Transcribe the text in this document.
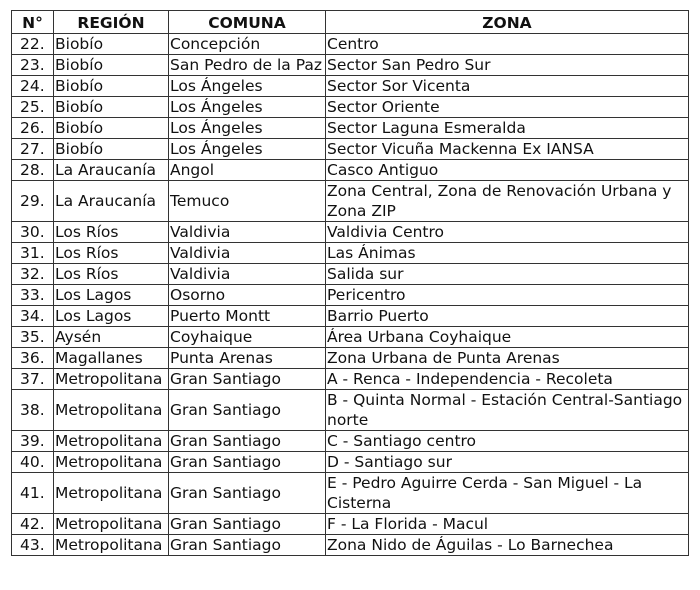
N°	REGIÓN	COMUNA	ZONA
22.	Biobío	Concepción	Centro
23.	Biobío	San Pedro de la Paz	Sector San Pedro Sur
24.	Biobío	Los Ángeles	Sector Sor Vicenta
25.	Biobío	Los Ángeles	Sector Oriente
26.	Biobío	Los Ángeles	Sector Laguna Esmeralda
27.	Biobío	Los Ángeles	Sector Vicuña Mackenna Ex IANSA
28.	La Araucanía	Angol	Casco Antiguo
29.	La Araucanía	Temuco	Zona Central, Zona de Renovación Urbana y Zona ZIP
30.	Los Ríos	Valdivia	Valdivia Centro
31.	Los Ríos	Valdivia	Las Ánimas
32.	Los Ríos	Valdivia	Salida sur
33.	Los Lagos	Osorno	Pericentro
34.	Los Lagos	Puerto Montt	Barrio Puerto
35.	Aysén	Coyhaique	Área Urbana Coyhaique
36.	Magallanes	Punta Arenas	Zona Urbana de Punta Arenas
37.	Metropolitana	Gran Santiago	A - Renca - Independencia - Recoleta
38.	Metropolitana	Gran Santiago	B - Quinta Normal - Estación Central-Santiago norte
39.	Metropolitana	Gran Santiago	C - Santiago centro
40.	Metropolitana	Gran Santiago	D - Santiago sur
41.	Metropolitana	Gran Santiago	E - Pedro Aguirre Cerda - San Miguel - La Cisterna
42.	Metropolitana	Gran Santiago	F - La Florida - Macul
43.	Metropolitana	Gran Santiago	Zona Nido de Águilas - Lo Barnechea
